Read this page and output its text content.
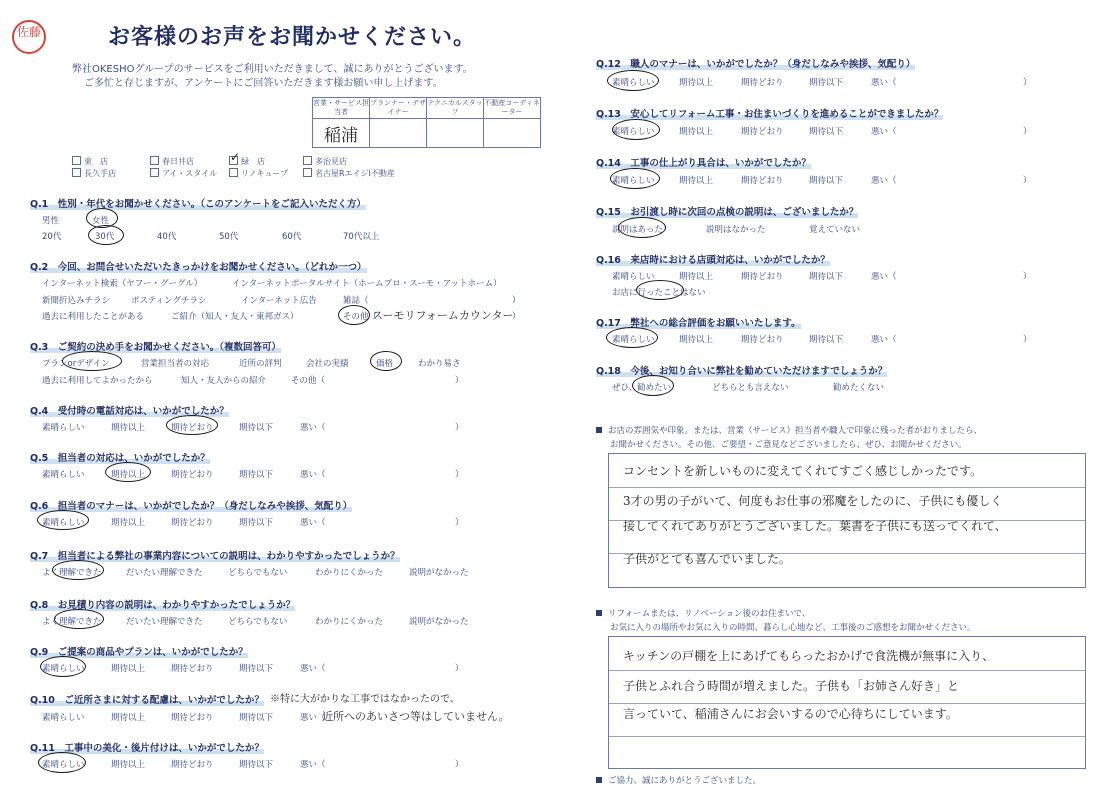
佐藤	お客様のお声をお聞かせください。
弊社OKESHOグループのサービスをご利用いただきまして、誠にありがとうございます。
ご多忙と存じますが、アンケートにご回答いただきます様お願い申し上げます。
営業・サービス担当者	プランナー・デザイナー	テクニカルスタッフ	不動産コーディネーター
稲浦			
東　店	春日井店	✓ 緑　店	多治見店
長久手店	アイ・スタイル	リノキューブ	名古屋RエイジI不動産
Q.1　性別・年代をお聞かせください。（このアンケートをご記入いただく方）
男性	女性
20代	30代	40代	50代	60代	70代以上
Q.2　今回、お問合せいただいたきっかけをお聞かせください。（どれか一つ）
インターネット検索（ヤフー・グーグル）	インターネットポータルサイト（ホームプロ・スーモ・アットホーム）
新聞折込みチラシ ポスティングチラシ	インターネット広告	雑誌（	）
過去に利用したことがある	ご紹介（知人・友人・東邦ガス）	その他（
スーモリフォームカウンター
）
Q.3　ご契約の決め手をお聞かせください。（複数回答可）
プランorデザイン	営業担当者の対応	近所の評判	会社の実績	価格	わかり易さ
過去に利用してよかったから	知人・友人からの紹介	その他（	）
Q.4　受付時の電話対応は、いかがでしたか？
素晴らしい	期待以上	期待どおり	期待以下	悪い（	）
Q.5　担当者の対応は、いかがでしたか？
素晴らしい	期待以上	期待どおり	期待以下	悪い（	）
Q.6　担当者のマナーは、いかがでしたか？（身だしなみや挨拶、気配り）
素晴らしい	期待以上	期待どおり	期待以下	悪い（	）
Q.7　担当者による弊社の事業内容についての説明は、わかりやすかったでしょうか？
よく理解できた	だいたい理解できた	どちらでもない	わかりにくかった	説明がなかった
Q.8　お見積り内容の説明は、わかりやすかったでしょうか？
よく理解できた	だいたい理解できた	どちらでもない	わかりにくかった	説明がなかった
Q.9　ご提案の商品やプランは、いかがでしたか？
素晴らしい	期待以上	期待どおり	期待以下	悪い（	）
Q.10　ご近所さまに対する配慮は、いかがでしたか？ ※特に大がかりな工事ではなかったので、
素晴らしい	期待以上	期待どおり	期待以下	悪い（
近所へのあいさつ等はしていません。
Q.11　工事中の美化・後片付けは、いかがでしたか？
素晴らしい	期待以上	期待どおり	期待以下	悪い（	）
Q.12　職人のマナーは、いかがでしたか？（身だしなみや挨拶、気配り）
素晴らしい	期待以上	期待どおり	期待以下	悪い（	）
Q.13　安心してリフォーム工事・お住まいづくりを進めることができましたか？
素晴らしい	期待以上	期待どおり	期待以下	悪い（	）
Q.14　工事の仕上がり具合は、いかがでしたか？
素晴らしい	期待以上	期待どおり	期待以下	悪い（	）
Q.15　お引渡し時に次回の点検の説明は、ございましたか？
説明はあった	説明はなかった	覚えていない
Q.16　来店時における店頭対応は、いかがでしたか？
素晴らしい	期待以上	期待どおり	期待以下	悪い（	）
お店に行ったことはない
Q.17　弊社への総合評価をお願いいたします。
素晴らしい	期待以上	期待どおり	期待以下	悪い（	）
Q.18　今後、お知り合いに弊社を勧めていただけますでしょうか？
ぜひ、勧めたい	どちらとも言えない	勧めたくない
お店の雰囲気や印象。または、営業（サービス）担当者や職人で印象に残った者がおりましたら、
お聞かせください。その他、ご要望・ご意見などございましたら、ぜひ、お聞かせください。
コンセントを新しいものに変えてくれてすごく感じしかったです。
3才の男の子がいて、何度もお仕事の邪魔をしたのに、子供にも優しく
接してくれてありがとうございました。葉書を子供にも送ってくれて、
子供がとても喜んでいました。
リフォームまたは、リノベーション後のお住まいで、
お気に入りの場所やお気に入りの時間、暮らし心地など、工事後のご感想をお聞かせください。
キッチンの戸棚を上にあげてもらったおかげで食洗機が無事に入り、
子供とふれ合う時間が増えました。子供も「お姉さん好き」と
言っていて、稲浦さんにお会いするので心待ちにしています。
ご協力、誠にありがとうございました。
